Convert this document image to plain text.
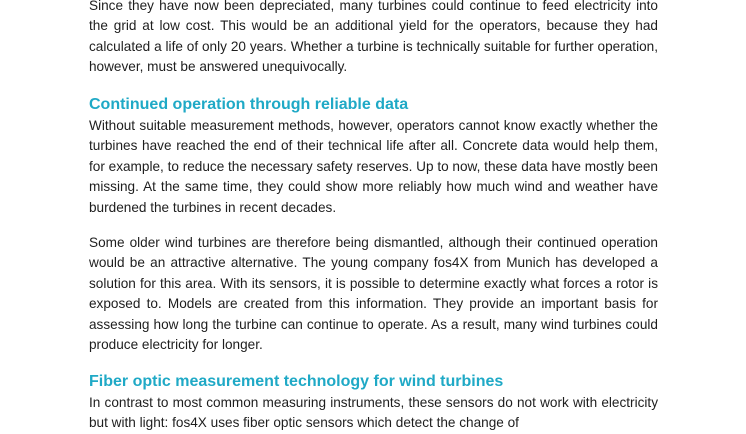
Since they have now been depreciated, many turbines could continue to feed electricity into the grid at low cost. This would be an additional yield for the operators, because they had calculated a life of only 20 years. Whether a turbine is technically suitable for further operation, however, must be answered unequivocally.

Continued operation through reliable data

Without suitable measurement methods, however, operators cannot know exactly whether the turbines have reached the end of their technical life after all. Concrete data would help them, for example, to reduce the necessary safety reserves. Up to now, these data have mostly been missing. At the same time, they could show more reliably how much wind and weather have burdened the turbines in recent decades.

Some older wind turbines are therefore being dismantled, although their continued operation would be an attractive alternative. The young company fos4X from Munich has developed a solution for this area. With its sensors, it is possible to determine exactly what forces a rotor is exposed to. Models are created from this information. They provide an important basis for assessing how long the turbine can continue to operate. As a result, many wind turbines could produce electricity for longer.

Fiber optic measurement technology for wind turbines

In contrast to most common measuring instruments, these sensors do not work with electricity but with light: fos4X uses fiber optic sensors which detect the change of
